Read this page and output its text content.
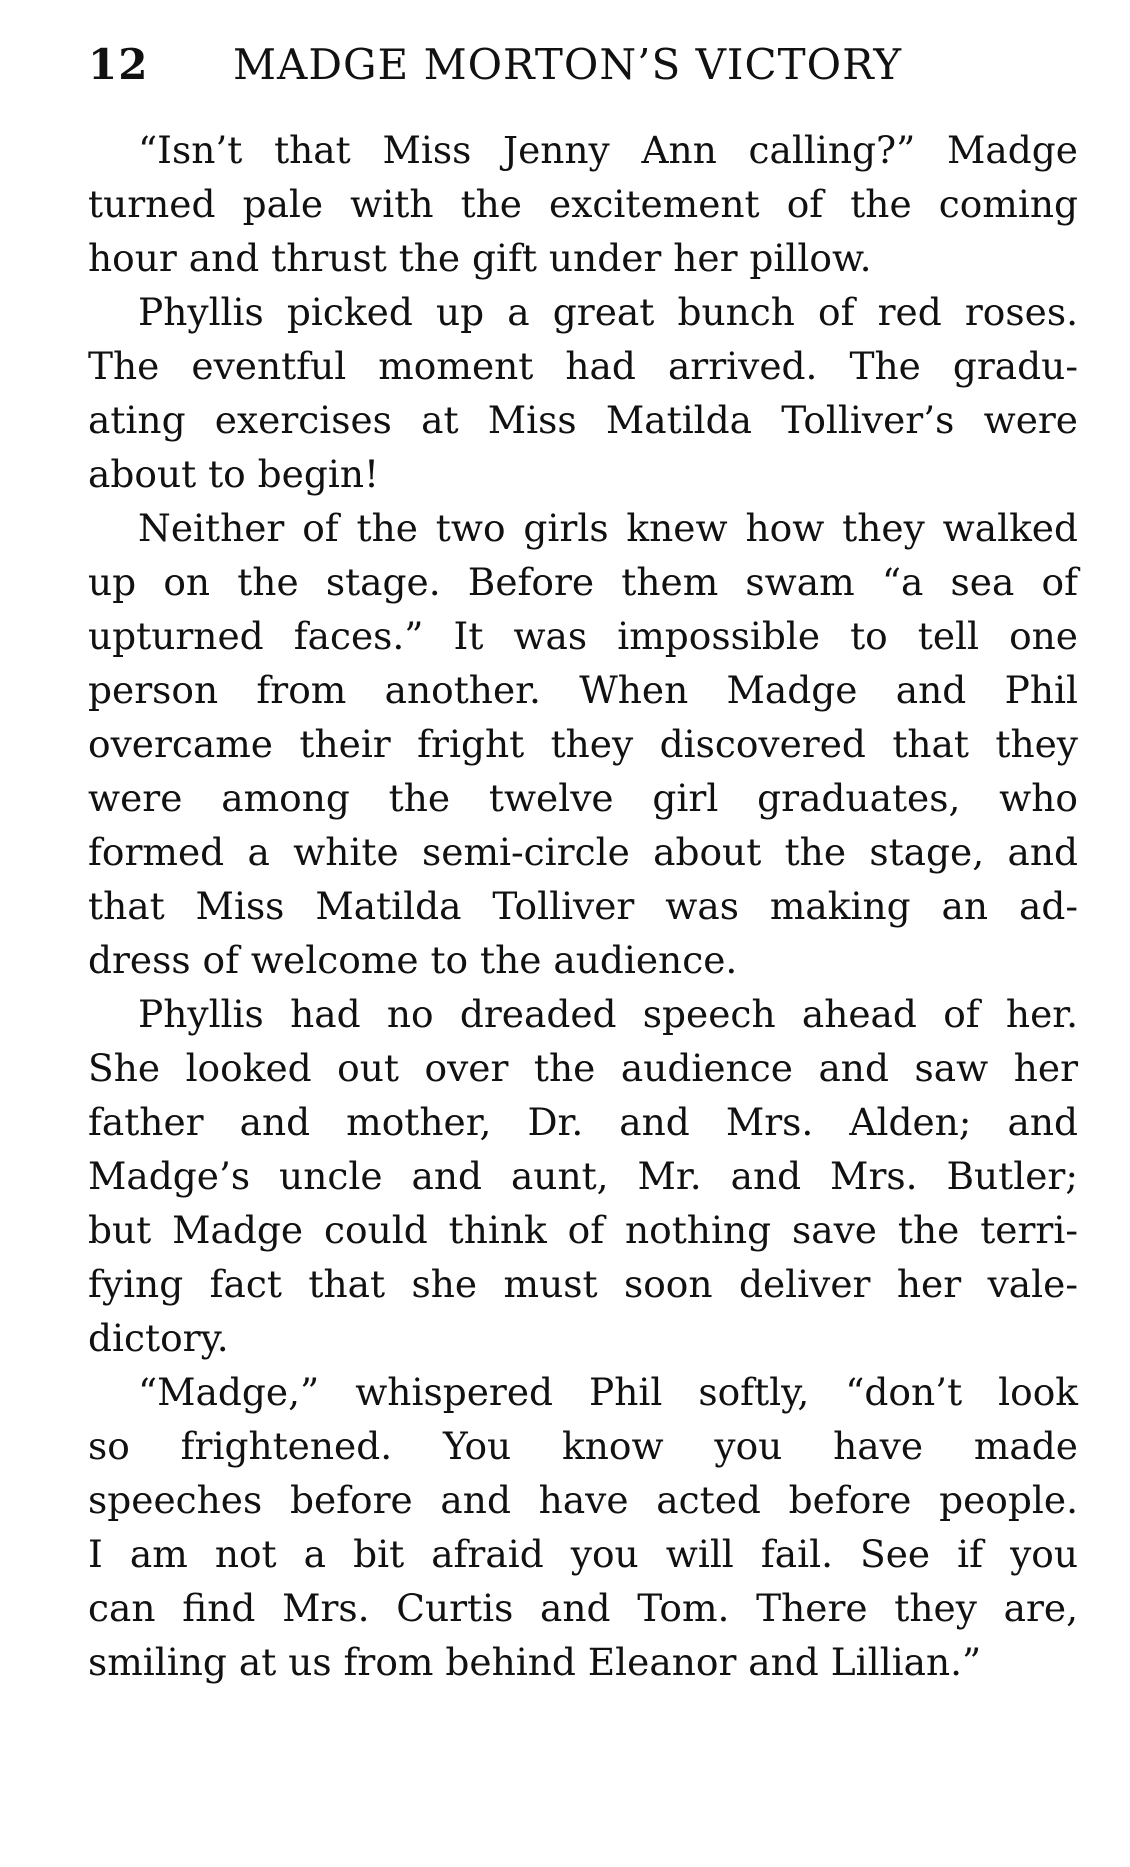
12	MADGE MORTON’S VICTORY
“Isn’t that Miss Jenny Ann calling?” Madge
turned pale with the excitement of the coming
hour and thrust the gift under her pillow.
Phyllis picked up a great bunch of red roses.
The eventful moment had arrived. The gradu-
ating exercises at Miss Matilda Tolliver’s were
about to begin!
Neither of the two girls knew how they walked
up on the stage. Before them swam “a sea of
upturned faces.” It was impossible to tell one
person from another. When Madge and Phil
overcame their fright they discovered that they
were among the twelve girl graduates, who
formed a white semi-circle about the stage, and
that Miss Matilda Tolliver was making an ad-
dress of welcome to the audience.
Phyllis had no dreaded speech ahead of her.
She looked out over the audience and saw her
father and mother, Dr. and Mrs. Alden; and
Madge’s uncle and aunt, Mr. and Mrs. Butler;
but Madge could think of nothing save the terri-
fying fact that she must soon deliver her vale-
dictory.
“Madge,” whispered Phil softly, “don’t look
so frightened. You know you have made
speeches before and have acted before people.
I am not a bit afraid you will fail. See if you
can find Mrs. Curtis and Tom. There they are,
smiling at us from behind Eleanor and Lillian.”
